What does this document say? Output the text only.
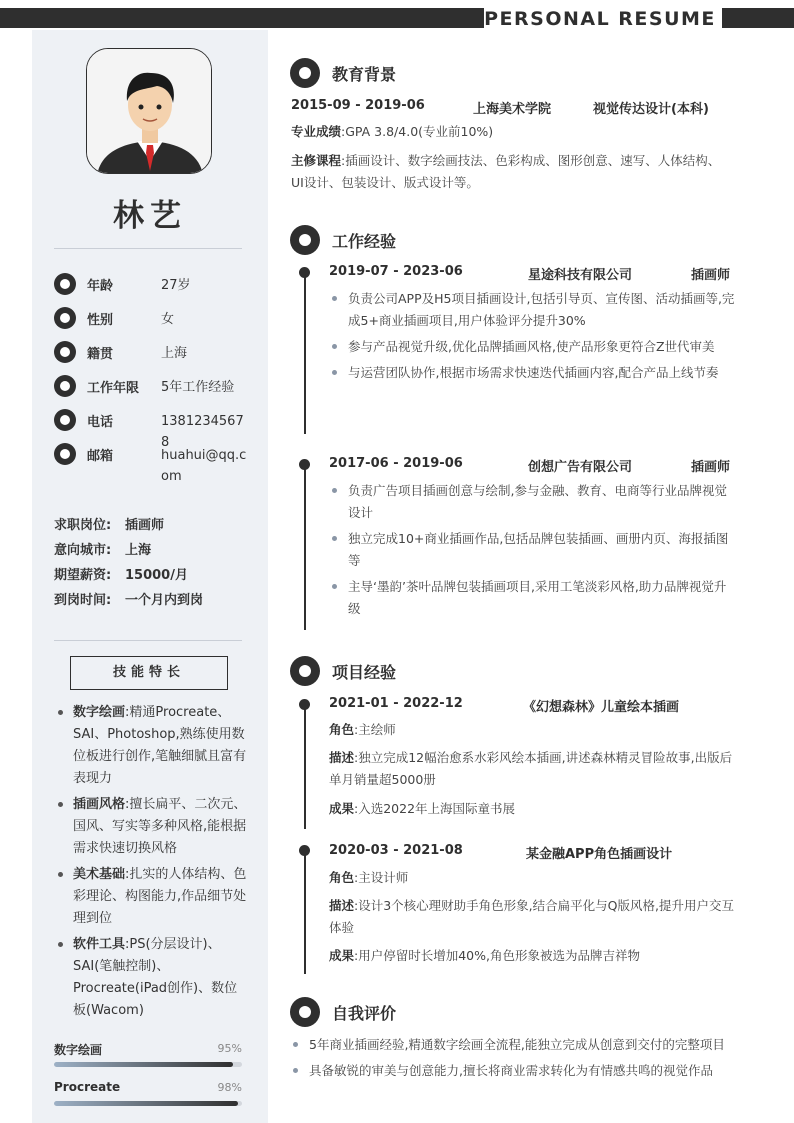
PERSONAL RESUME
林艺
年龄	27岁
性别	女
籍贯	上海
工作年限 5年工作经验
电话	13812345678
邮箱	huahui@qq.com
求职岗位: 插画师
意向城市: 上海
期望薪资: 15000/月
到岗时间: 一个月内到岗
技能特长
数字绘画:精通Procreate、SAI、Photoshop,熟练使用数位板进行创作,笔触细腻且富有表现力
插画风格:擅长扁平、二次元、国风、写实等多种风格,能根据需求快速切换风格
美术基础:扎实的人体结构、色彩理论、构图能力,作品细节处理到位
软件工具:PS(分层设计)、SAI(笔触控制)、Procreate(iPad创作)、数位板(Wacom)
数字绘画	95%
Procreate	98%
教育背景
2015-09 - 2019-06	上海美术学院	视觉传达设计(本科)
专业成绩:GPA 3.8/4.0(专业前10%)
主修课程:插画设计、数字绘画技法、色彩构成、图形创意、速写、人体结构、UI设计、包装设计、版式设计等。
工作经验
2019-07 - 2023-06	星途科技有限公司	插画师
负责公司APP及H5项目插画设计,包括引导页、宣传图、活动插画等,完成5+商业插画项目,用户体验评分提升30%
参与产品视觉升级,优化品牌插画风格,使产品形象更符合Z世代审美
与运营团队协作,根据市场需求快速迭代插画内容,配合产品上线节奏
2017-06 - 2019-06	创想广告有限公司	插画师
负责广告项目插画创意与绘制,参与金融、教育、电商等行业品牌视觉设计
独立完成10+商业插画作品,包括品牌包装插画、画册内页、海报插图等
主导‘墨韵’茶叶品牌包装插画项目,采用工笔淡彩风格,助力品牌视觉升级
项目经验
2021-01 - 2022-12	《幻想森林》儿童绘本插画
角色:主绘师
描述:独立完成12幅治愈系水彩风绘本插画,讲述森林精灵冒险故事,出版后单月销量超5000册
成果:入选2022年上海国际童书展
2020-03 - 2021-08	某金融APP角色插画设计
角色:主设计师
描述:设计3个核心理财助手角色形象,结合扁平化与Q版风格,提升用户交互体验
成果:用户停留时长增加40%,角色形象被选为品牌吉祥物
自我评价
5年商业插画经验,精通数字绘画全流程,能独立完成从创意到交付的完整项目
具备敏锐的审美与创意能力,擅长将商业需求转化为有情感共鸣的视觉作品
